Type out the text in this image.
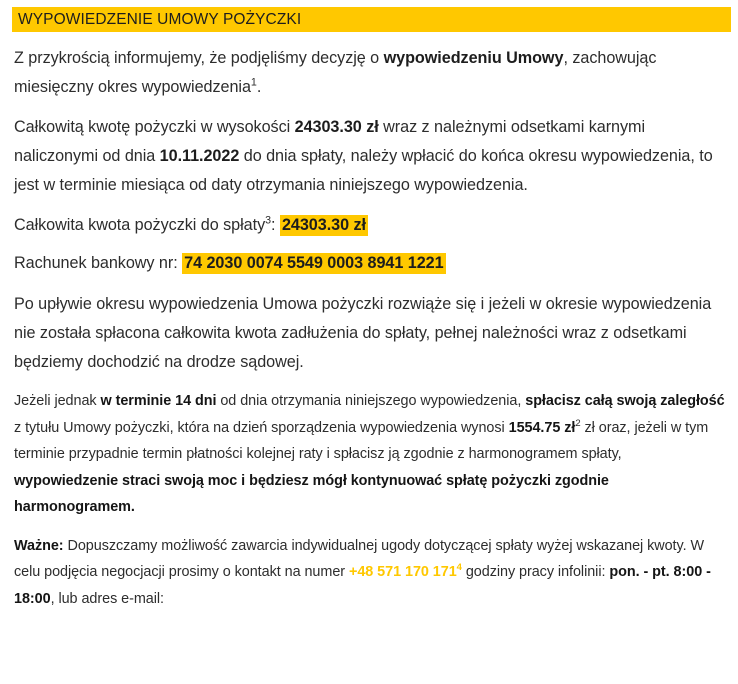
WYPOWIEDZENIE UMOWY POŻYCZKI

Z przykrością informujemy, że podjęliśmy decyzję o wypowiedzeniu Umowy, zachowując miesięczny okres wypowiedzenia$^1$.

Całkowitą kwotę pożyczki w wysokości 24303.30 zł wraz z należnymi odsetkami karnymi naliczonymi od dnia 10.11.2022 do dnia spłaty, należy wpłacić do końca okresu wypowiedzenia, to jest w terminie miesiąca od daty otrzymania niniejszego wypowiedzenia.

Całkowita kwota pożyczki do spłaty$^3$: 24303.30 zł

Rachunek bankowy nr: 74 2030 0074 5549 0003 8941 1221

Po upływie okresu wypowiedzenia Umowa pożyczki rozwiąże się i jeżeli w okresie wypowiedzenia nie została spłacona całkowita kwota zadłużenia do spłaty, pełnej należności wraz z odsetkami będziemy dochodzić na drodze sądowej.

Jeżeli jednak w terminie 14 dni od dnia otrzymania niniejszego wypowiedzenia, spłacisz całą swoją zaległość z tytułu Umowy pożyczki, która na dzień sporządzenia wypowiedzenia wynosi 1554.75 $zł^2$ zł oraz, jeżeli w tym terminie przypadnie termin płatności kolejnej raty i spłacisz ją zgodnie z harmonogramem spłaty, wypowiedzenie straci swoją moc i będziesz mógł kontynuować spłatę pożyczki zgodnie harmonogramem.

Ważne: Dopuszczamy możliwość zawarcia indywidualnej ugody dotyczącej spłaty wyżej wskazanej kwoty. W celu podjęcia negocjacji prosimy o kontakt na numer +48 571 170 $171^4$ godziny pracy infolinii: pon. - pt. 8:00 - 18:00, lub adres e-mail:
